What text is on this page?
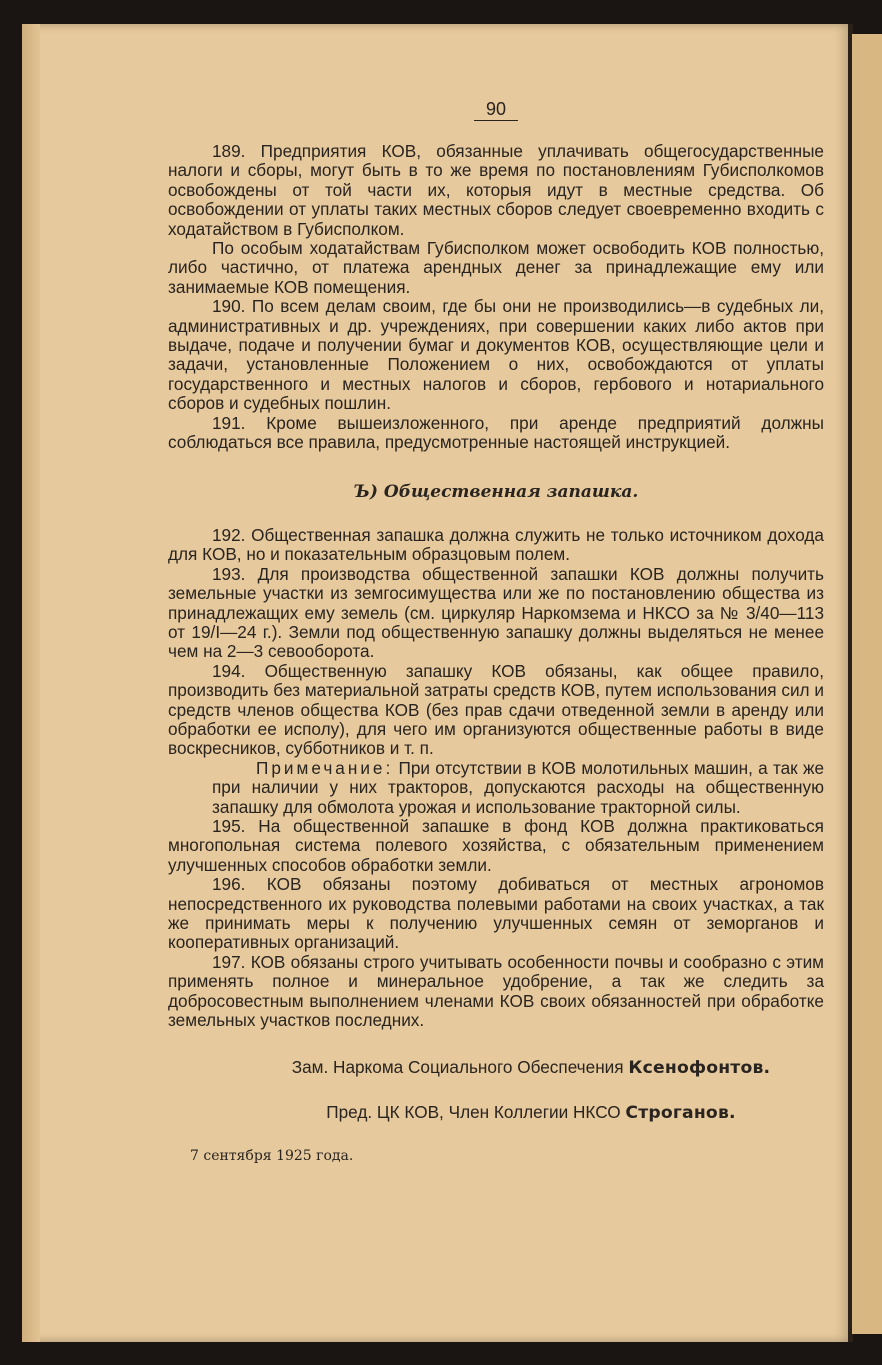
90

189. Предприятия КОВ, обязанные уплачивать общегосударственные налоги и сборы, могут быть в то же время по постановлениям Губисполкомов освобождены от той части их, которыя идут в местные средства. Об освобождении от уплаты таких местных сборов следует своевременно входить с ходатайством в Губисполком.

По особым ходатайствам Губисполком может освободить КОВ полностью, либо частично, от платежа арендных денег за принадлежащие ему или занимаемые КОВ помещения.

190. По всем делам своим, где бы они не производились—в судебных ли, административных и др. учреждениях, при совершении каких либо актов при выдаче, подаче и получении бумаг и документов КОВ, осуществляющие цели и задачи, установленные Положением о них, освобождаются от уплаты государственного и местных налогов и сборов, гербового и нотариального сборов и судебных пошлин.

191. Кроме вышеизложенного, при аренде предприятий должны соблюдаться все правила, предусмотренные настоящей инструкцией.

Ъ) Общественная запашка.

192. Общественная запашка должна служить не только источником дохода для КОВ, но и показательным образцовым полем.

193. Для производства общественной запашки КОВ должны получить земельные участки из земгосимущества или же по постановлению общества из принадлежащих ему земель (см. циркуляр Наркомзема и НКСО за № 3/40—113 от 19/I—24 г.). Земли под общественную запашку должны выделяться не менее чем на 2—3 севооборота.

194. Общественную запашку КОВ обязаны, как общее правило, производить без материальной затраты средств КОВ, путем использования сил и средств членов общества КОВ (без прав сдачи отведенной земли в аренду или обработки ее исполу), для чего им организуются общественные работы в виде воскресников, субботников и т. п.

Примечание: При отсутствии в КОВ молотильных машин, а так же при наличии у них тракторов, допускаются расходы на общественную запашку для обмолота урожая и использование тракторной силы.

195. На общественной запашке в фонд КОВ должна практиковаться многопольная система полевого хозяйства, с обязательным применением улучшенных способов обработки земли.

196. КОВ обязаны поэтому добиваться от местных агрономов непосредственного их руководства полевыми работами на своих участках, а так же принимать меры к получению улучшенных семян от земорганов и кооперативных организаций.

197. КОВ обязаны строго учитывать особенности почвы и сообразно с этим применять полное и минеральное удобрение, а так же следить за добросовестным выполнением членами КОВ своих обязанностей при обработке земельных участков последних.

Зам. Наркома Социального Обеспечения Ксенофонтов.

Пред. ЦК КОВ, Член Коллегии НКСО Строганов.

7 сентября 1925 года.
